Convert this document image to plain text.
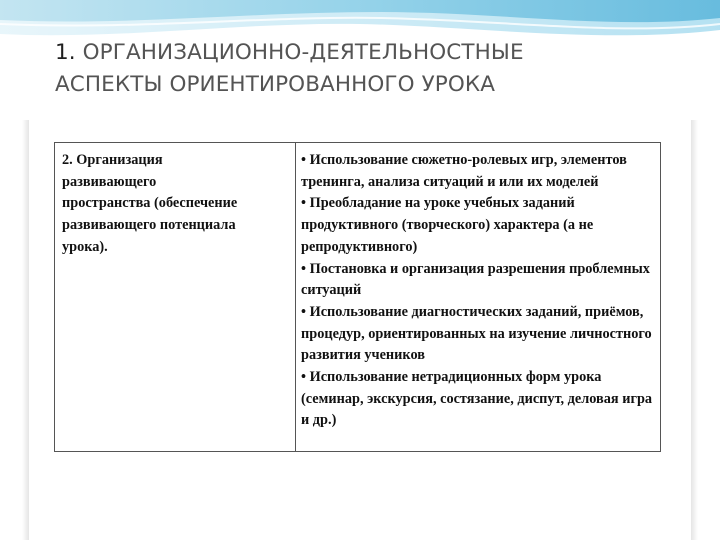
1. ОРГАНИЗАЦИОННО-ДЕЯТЕЛЬНОСТНЫЕ
АСПЕКТЫ ОРИЕНТИРОВАННОГО УРОКА
2. Организация
развивающего
пространства (обеспечение
развивающего потенциала
урока).
• Использование сюжетно-ролевых игр, элементов тренинга, анализа ситуаций и или их моделей
• Преобладание на уроке учебных заданий продуктивного (творческого) характера (а не репродуктивного)
• Постановка и организация разрешения проблемных ситуаций
• Использование диагностических заданий, приёмов, процедур, ориентированных на изучение личностного развития учеников
• Использование нетрадиционных форм урока (семинар, экскурсия, состязание, диспут, деловая игра и др.)
